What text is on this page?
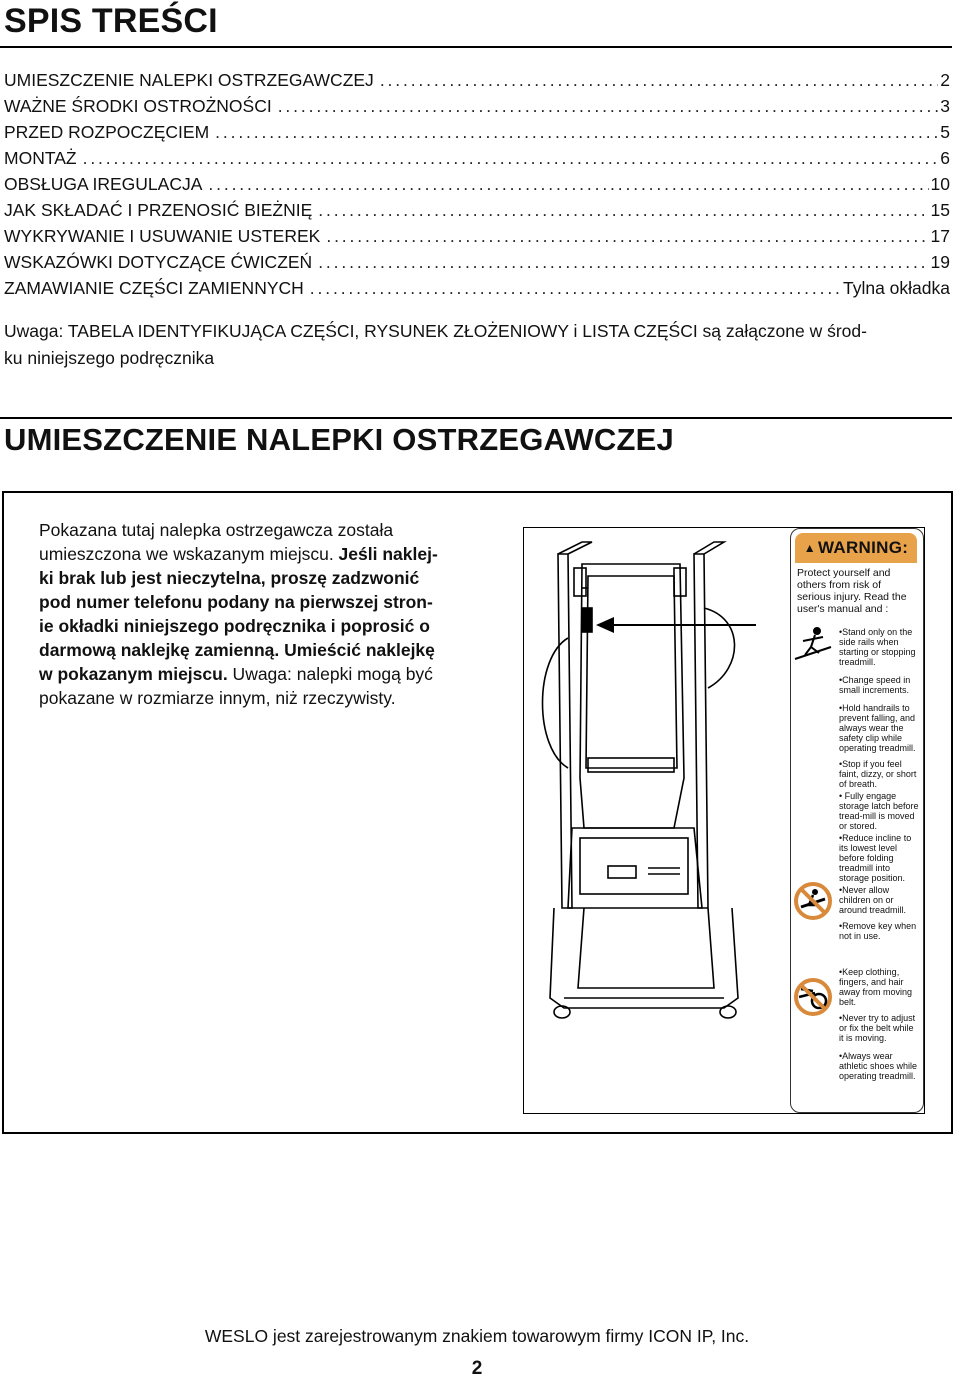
SPIS TREŚCI
UMIESZCZENIE NALEPKI OSTRZEGAWCZEJ . . .	2
WAŻNE ŚRODKI OSTROŻNOŚCI . . .	3
PRZED ROZPOCZĘCIEM . . .	5
MONTAŻ . . .	6
OBSŁUGA IREGULACJA . . .	10
JAK SKŁADAĆ I PRZENOSIĆ BIEŻNIĘ . . .	15
WYKRYWANIE I USUWANIE USTEREK . . .	17
WSKAZÓWKI DOTYCZĄCE ĆWICZEŃ . . .	19
ZAMAWIANIE CZĘŚCI ZAMIENNYCH . . .	Tylna okładka
Uwaga: TABELA IDENTYFIKUJĄCA CZĘŚCI, RYSUNEK ZŁOŻENIOWY i LISTA CZĘŚCI są załączone w środ-
ku niniejszego podręcznika
UMIESZCZENIE NALEPKI OSTRZEGAWCZEJ
Pokazana tutaj nalepka ostrzegawcza została
umieszczona we wskazanym miejscu. Jeśli naklej-
ki brak lub jest nieczytelna, proszę zadzwonić
pod numer telefonu podany na pierwszej stron-
ie okładki niniejszego podręcznika i poprosić o
darmową naklejkę zamienną. Umieścić naklejkę
w pokazanym miejscu. Uwaga: nalepki mogą być
pokazane w rozmiarze innym, niż rzeczywisty.
▲ WARNING:
Protect yourself and others from risk of serious injury. Read the user's manual and :
•Stand only on the side rails when starting or stopping treadmill.
•Change speed in small increments.
•Hold handrails to prevent falling, and always wear the safety clip while operating treadmill.
•Stop if you feel faint, dizzy, or short of breath.
• Fully engage storage latch before tread-mill is moved or stored.
•Reduce incline to its lowest level before folding treadmill into storage position.
•Never allow children on or around treadmill.
•Remove key when not in use.
•Keep clothing, fingers, and hair away from moving belt.
•Never try to adjust or fix the belt while it is moving.
•Always wear athletic shoes while operating treadmill.
WESLO jest zarejestrowanym znakiem towarowym firmy ICON IP, Inc.
2
